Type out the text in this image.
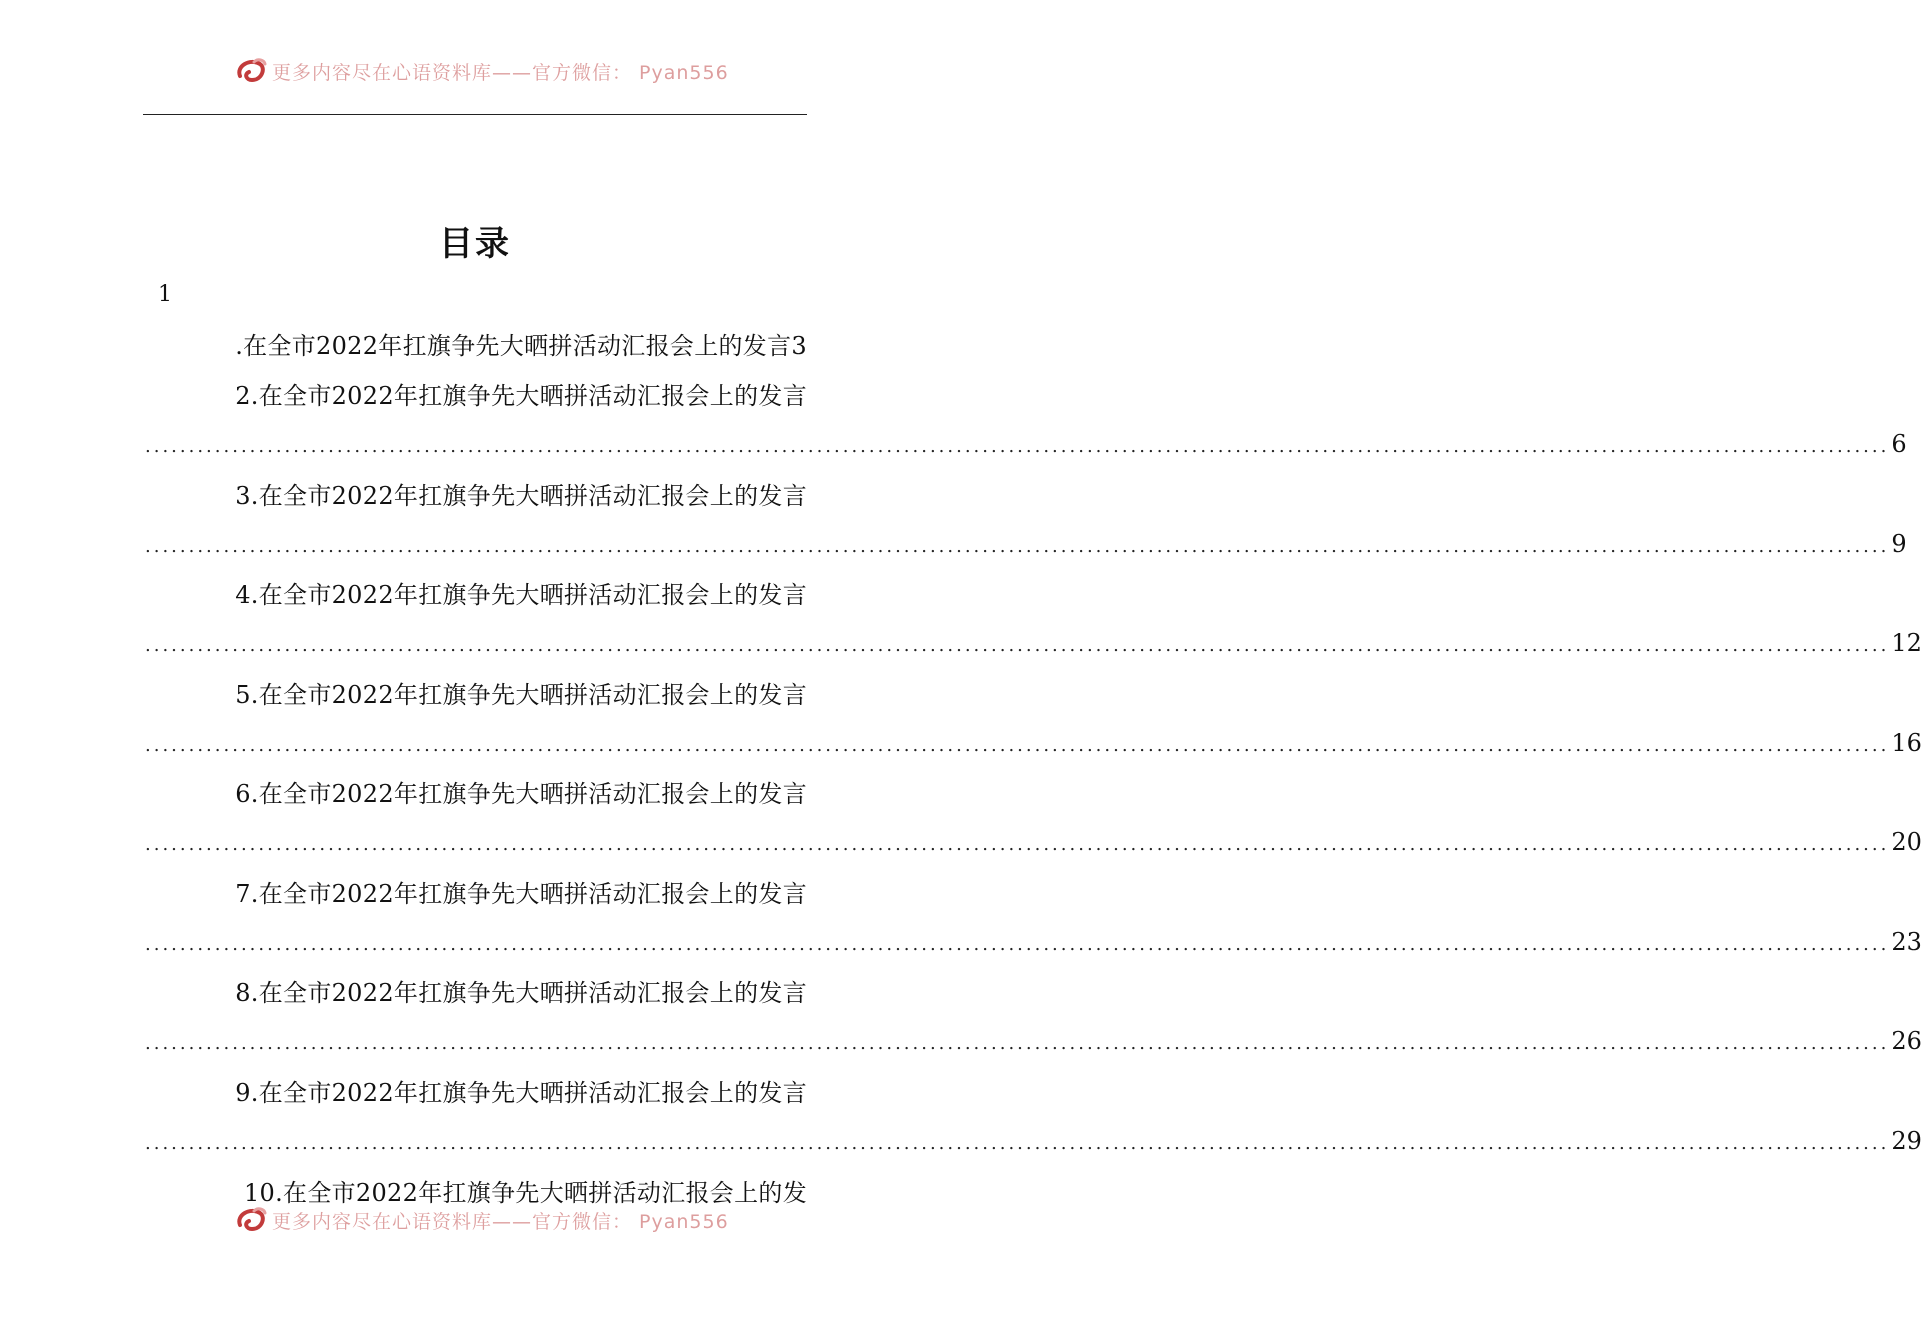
更多内容尽在心语资料库——官方微信： Pyan556
目录
1
.在全市2022年扛旗争先大晒拼活动汇报会上的发言3
2.在全市2022年扛旗争先大晒拼活动汇报会上的发言
........................................................................................................................................................................................................ 6
3.在全市2022年扛旗争先大晒拼活动汇报会上的发言
........................................................................................................................................................................................................ 9
4.在全市2022年扛旗争先大晒拼活动汇报会上的发言
........................................................................................................................................................................................................ 12
5.在全市2022年扛旗争先大晒拼活动汇报会上的发言
........................................................................................................................................................................................................ 16
6.在全市2022年扛旗争先大晒拼活动汇报会上的发言
........................................................................................................................................................................................................ 20
7.在全市2022年扛旗争先大晒拼活动汇报会上的发言
........................................................................................................................................................................................................ 23
8.在全市2022年扛旗争先大晒拼活动汇报会上的发言
........................................................................................................................................................................................................ 26
9.在全市2022年扛旗争先大晒拼活动汇报会上的发言
........................................................................................................................................................................................................ 29
10.在全市2022年扛旗争先大晒拼活动汇报会上的发
更多内容尽在心语资料库——官方微信： Pyan556
